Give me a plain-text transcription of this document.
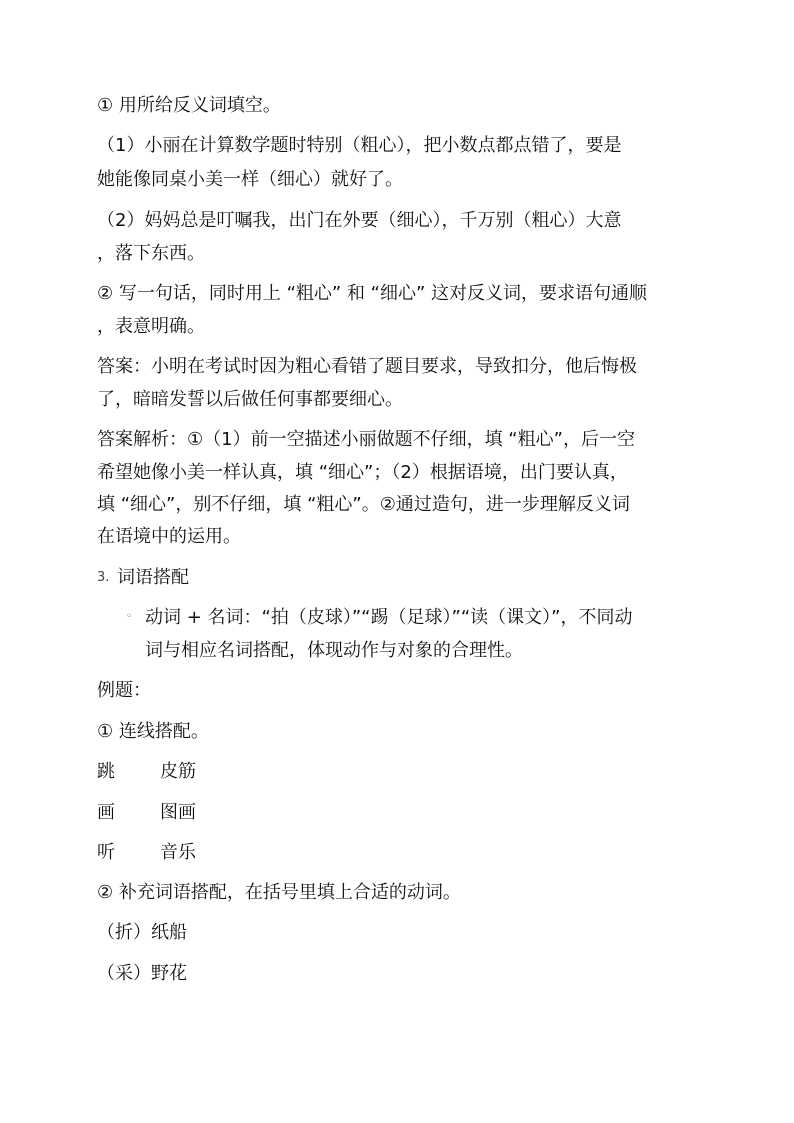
① 用所给反义词填空。
（1）小丽在计算数学题时特别（粗心），把小数点都点错了，要是
她能像同桌小美一样（细心）就好了。
（2）妈妈总是叮嘱我，出门在外要（细心），千万别（粗心）大意
，落下东西。
② 写一句话，同时用上 “粗心” 和 “细心” 这对反义词，要求语句通顺
，表意明确。
答案：小明在考试时因为粗心看错了题目要求，导致扣分，他后悔极
了，暗暗发誓以后做任何事都要细心。
答案解析：①（1）前一空描述小丽做题不仔细，填 “粗心”，后一空
希望她像小美一样认真，填 “细心”；（2）根据语境，出门要认真，
填 “细心”，别不仔细，填 “粗心”。②通过造句，进一步理解反义词
在语境中的运用。
3. 词语搭配
◦ 动词 + 名词：“拍（皮球）”“踢（足球）”“读（课文）”，不同动
词与相应名词搭配，体现动作与对象的合理性。
例题：
① 连线搭配。
跳	皮筋
画	图画
听	音乐
② 补充词语搭配，在括号里填上合适的动词。
（折）纸船
（采）野花
